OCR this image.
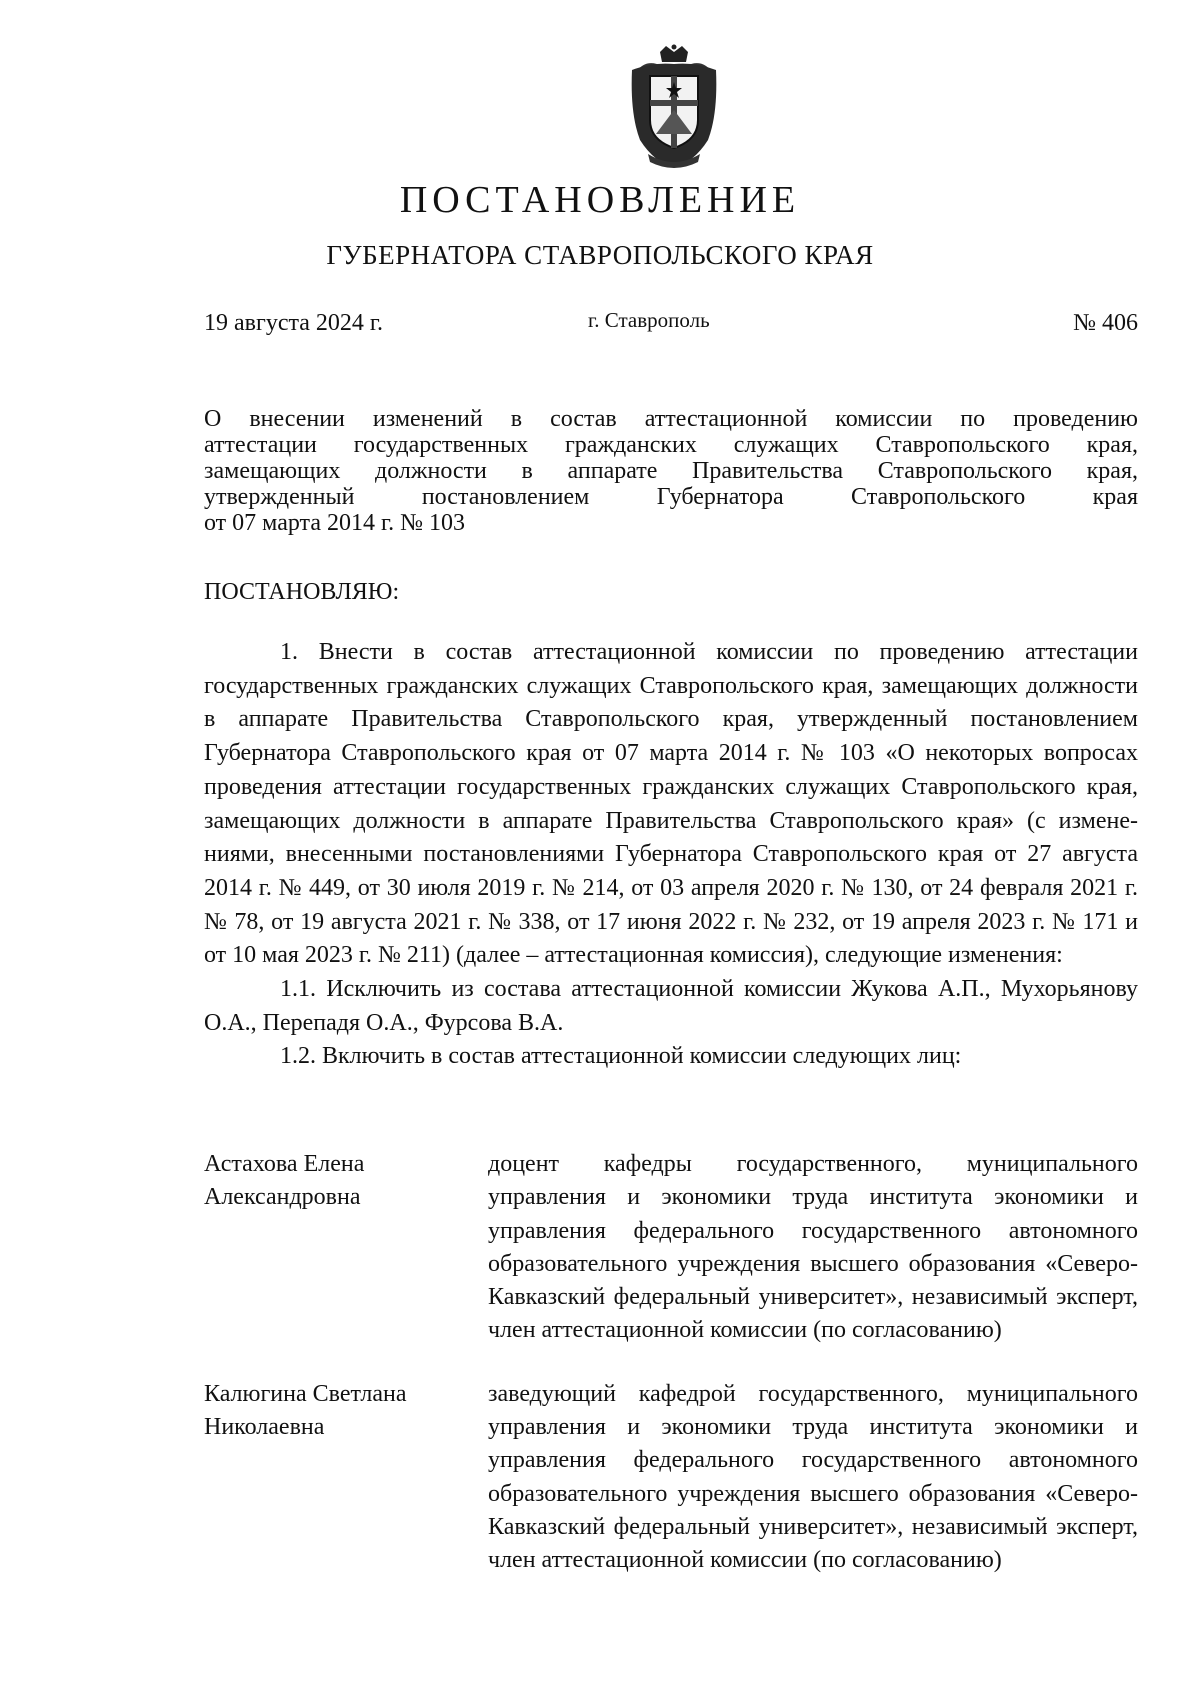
ПОСТАНОВЛЕНИЕ
ГУБЕРНАТОРА СТАВРОПОЛЬСКОГО КРАЯ
19 августа 2024 г.	г. Ставрополь	№ 406

О внесении изменений в состав аттестационной комиссии по проведению
аттестации государственных гражданских служащих Ставропольского края,
замещающих должности в аппарате Правительства Ставропольского края,
утвержденный постановлением Губернатора Ставропольского края
от 07 марта 2014 г. № 103

ПОСТАНОВЛЯЮ:

1. Внести в состав аттестационной комиссии по проведению аттестации государственных гражданских служащих Ставропольского края, замещающих должности в аппарате Правительства Ставропольского края, утвержденный постановлением Губернатора Ставропольского края от 07 марта 2014 г. № 103 «О некоторых вопросах проведения аттестации государственных гражданских служащих Ставропольского края, замещающих должности в аппарате Правительства Ставропольского края» (с изменениями, внесенными постановлениями Губернатора Ставропольского края от 27 августа 2014 г. № 449, от 30 июля 2019 г. № 214, от 03 апреля 2020 г. № 130, от 24 февраля 2021 г. № 78, от 19 августа 2021 г. № 338, от 17 июня 2022 г. № 232, от 19 апреля 2023 г. № 171 и от 10 мая 2023 г. № 211) (далее – аттестационная комиссия), следующие изменения:

1.1. Исключить из состава аттестационной комиссии Жукова А.П., Мухорьянову О.А., Перепадя О.А., Фурсова В.А.

1.2. Включить в состав аттестационной комиссии следующих лиц:

Астахова Елена
Александровна

доцент кафедры государственного, муниципального управления и экономики труда института экономики и управления федерального государственного автономного образовательного учреждения высшего образования «Северо-Кавказский федеральный университет», независимый эксперт, член аттестационной комиссии (по согласованию)

Калюгина Светлана
Николаевна

заведующий кафедрой государственного, муниципального управления и экономики труда института экономики и управления федерального государственного автономного образовательного учреждения высшего образования «Северо-Кавказский федеральный университет», независимый эксперт, член аттестационной комиссии (по согласованию)
